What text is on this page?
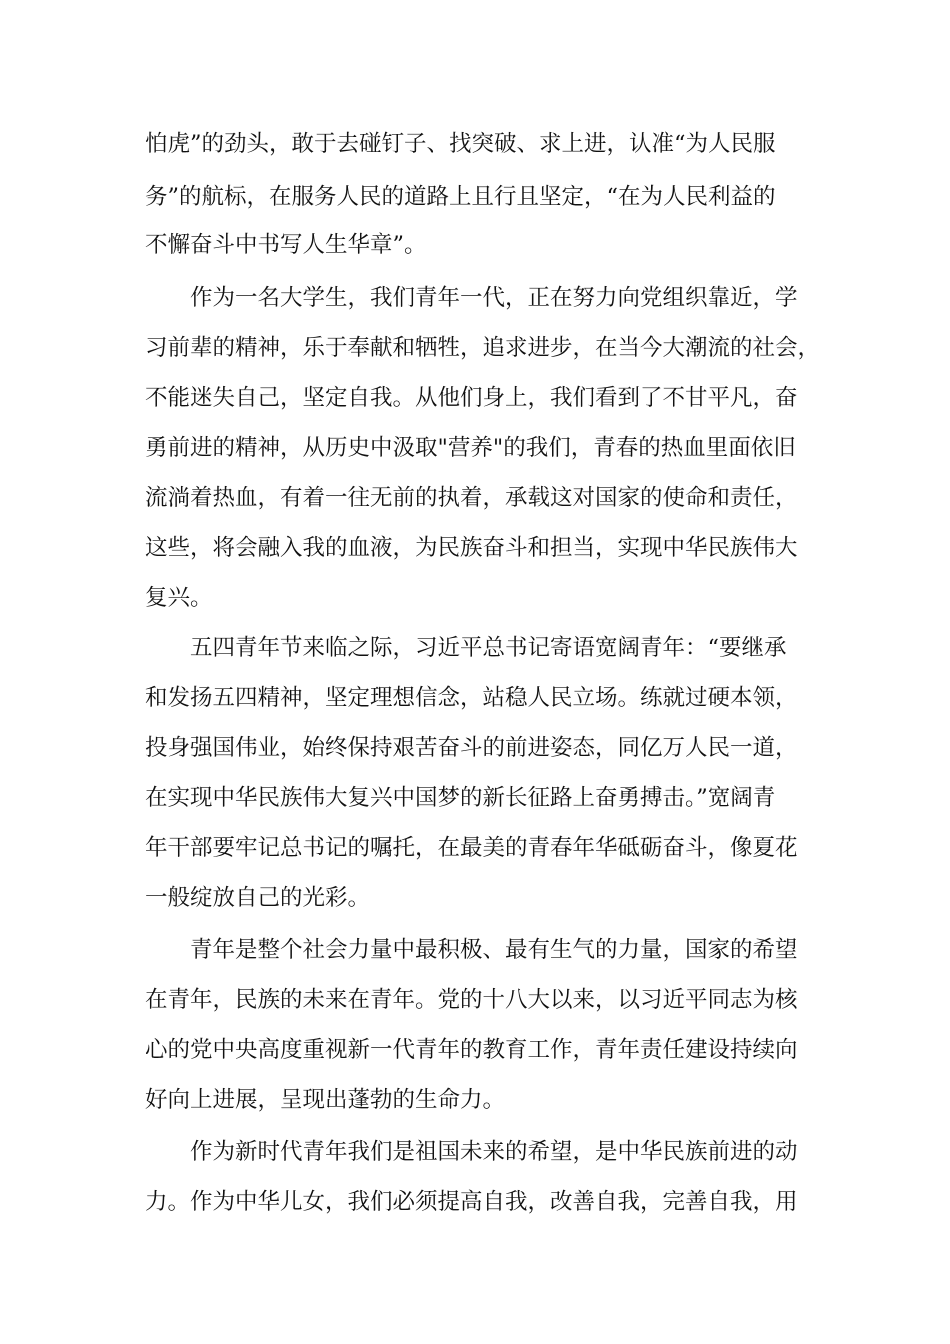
怕虎”的劲头，敢于去碰钉子、找突破、求上进，认准“为人民服
务”的航标，在服务人民的道路上且行且坚定，“在为人民利益的
不懈奋斗中书写人生华章”。
作为一名大学生，我们青年一代，正在努力向党组织靠近，学
习前辈的精神，乐于奉献和牺牲，追求进步，在当今大潮流的社会，
不能迷失自己，坚定自我。从他们身上，我们看到了不甘平凡，奋
勇前进的精神，从历史中汲取"营养"的我们，青春的热血里面依旧
流淌着热血，有着一往无前的执着，承载这对国家的使命和责任，
这些，将会融入我的血液，为民族奋斗和担当，实现中华民族伟大
复兴。
五四青年节来临之际，习近平总书记寄语宽阔青年：“要继承
和发扬五四精神，坚定理想信念，站稳人民立场。练就过硬本领，
投身强国伟业，始终保持艰苦奋斗的前进姿态，同亿万人民一道，
在实现中华民族伟大复兴中国梦的新长征路上奋勇搏击。”宽阔青
年干部要牢记总书记的嘱托，在最美的青春年华砥砺奋斗，像夏花
一般绽放自己的光彩。
青年是整个社会力量中最积极、最有生气的力量，国家的希望
在青年，民族的未来在青年。党的十八大以来，以习近平同志为核
心的党中央高度重视新一代青年的教育工作，青年责任建设持续向
好向上进展，呈现出蓬勃的生命力。
作为新时代青年我们是祖国未来的希望，是中华民族前进的动
力。作为中华儿女，我们必须提高自我，改善自我，完善自我，用
